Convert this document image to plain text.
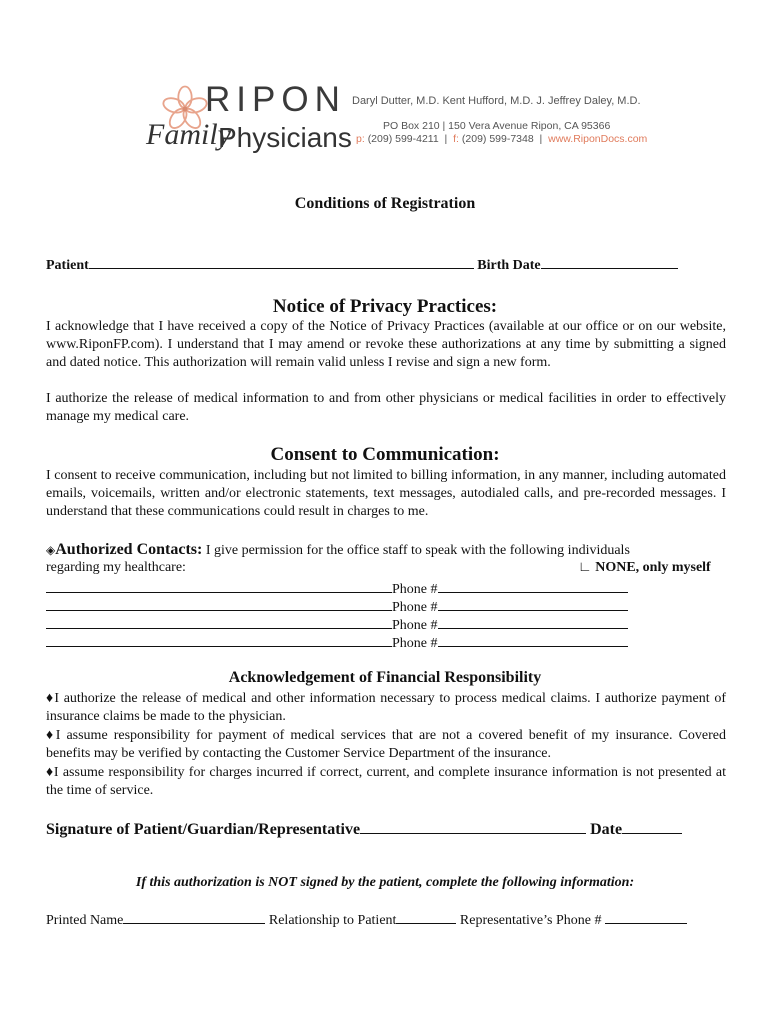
RIPON
Family
Physicians
Daryl Dutter, M.D. Kent Hufford, M.D. J. Jeffrey Daley, M.D.
PO Box 210 | 150 Vera Avenue Ripon, CA 95366
p: (209) 599-4211  |  f: (209) 599-7348  |  www.RiponDocs.com
Conditions of Registration
Patient	Birth Date
Notice of Privacy Practices:
I acknowledge that I have received a copy of the Notice of Privacy Practices (available at our office or on our website, www.RiponFP.com). I understand that I may amend or revoke these authorizations at any time by submitting a signed and dated notice. This authorization will remain valid unless I revise and sign a new form.
I authorize the release of medical information to and from other physicians or medical facilities in order to effectively manage my medical care.
Consent to Communication:
I consent to receive communication, including but not limited to billing information, in any manner, including automated emails, voicemails, written and/or electronic statements, text messages, autodialed calls, and pre-recorded messages. I understand that these communications could result in charges to me.
◈Authorized Contacts: I give permission for the office staff to speak with the following individuals
regarding my healthcare:	∟ NONE, only myself
Phone #
Phone #
Phone #
Phone #
Acknowledgement of Financial Responsibility
♦I authorize the release of medical and other information necessary to process medical claims. I authorize payment of insurance claims be made to the physician.
♦I assume responsibility for payment of medical services that are not a covered benefit of my insurance. Covered benefits may be verified by contacting the Customer Service Department of the insurance.
♦I assume responsibility for charges incurred if correct, current, and complete insurance information is not presented at the time of service.
Signature of Patient/Guardian/Representative	Date
If this authorization is NOT signed by the patient, complete the following information:
Printed Name	Relationship to Patient	Representative’s Phone #
